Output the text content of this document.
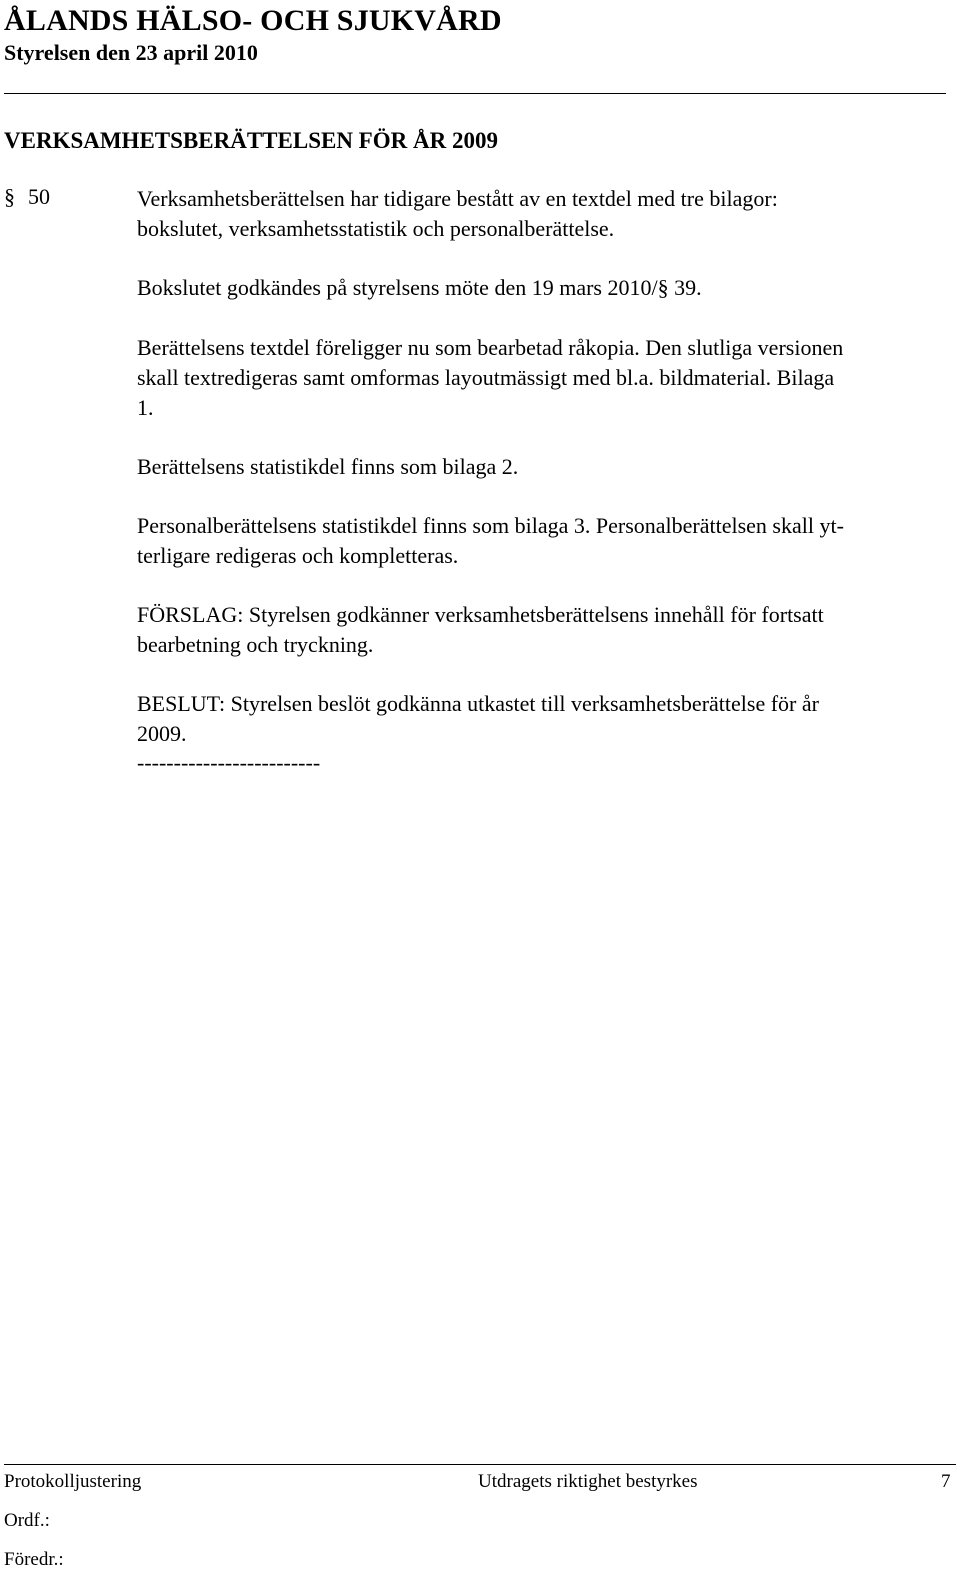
ÅLANDS HÄLSO- OCH SJUKVÅRD
Styrelsen den 23 april 2010
VERKSAMHETSBERÄTTELSEN FÖR ÅR 2009
§ 50	Verksamhetsberättelsen har tidigare bestått av en textdel med tre bilagor:
bokslutet, verksamhetsstatistik och personalberättelse.
Bokslutet godkändes på styrelsens möte den 19 mars 2010/§ 39.
Berättelsens textdel föreligger nu som bearbetad råkopia. Den slutliga versionen
skall textredigeras samt omformas layoutmässigt med bl.a. bildmaterial. Bilaga
1.
Berättelsens statistikdel finns som bilaga 2.
Personalberättelsens statistikdel finns som bilaga 3. Personalberättelsen skall yt-
terligare redigeras och kompletteras.
FÖRSLAG: Styrelsen godkänner verksamhetsberättelsens innehåll för fortsatt
bearbetning och tryckning.
BESLUT: Styrelsen beslöt godkänna utkastet till verksamhetsberättelse för år
2009.
-------------------------
Protokolljustering	Utdragets riktighet bestyrkes	7
Ordf.:
Föredr.:
